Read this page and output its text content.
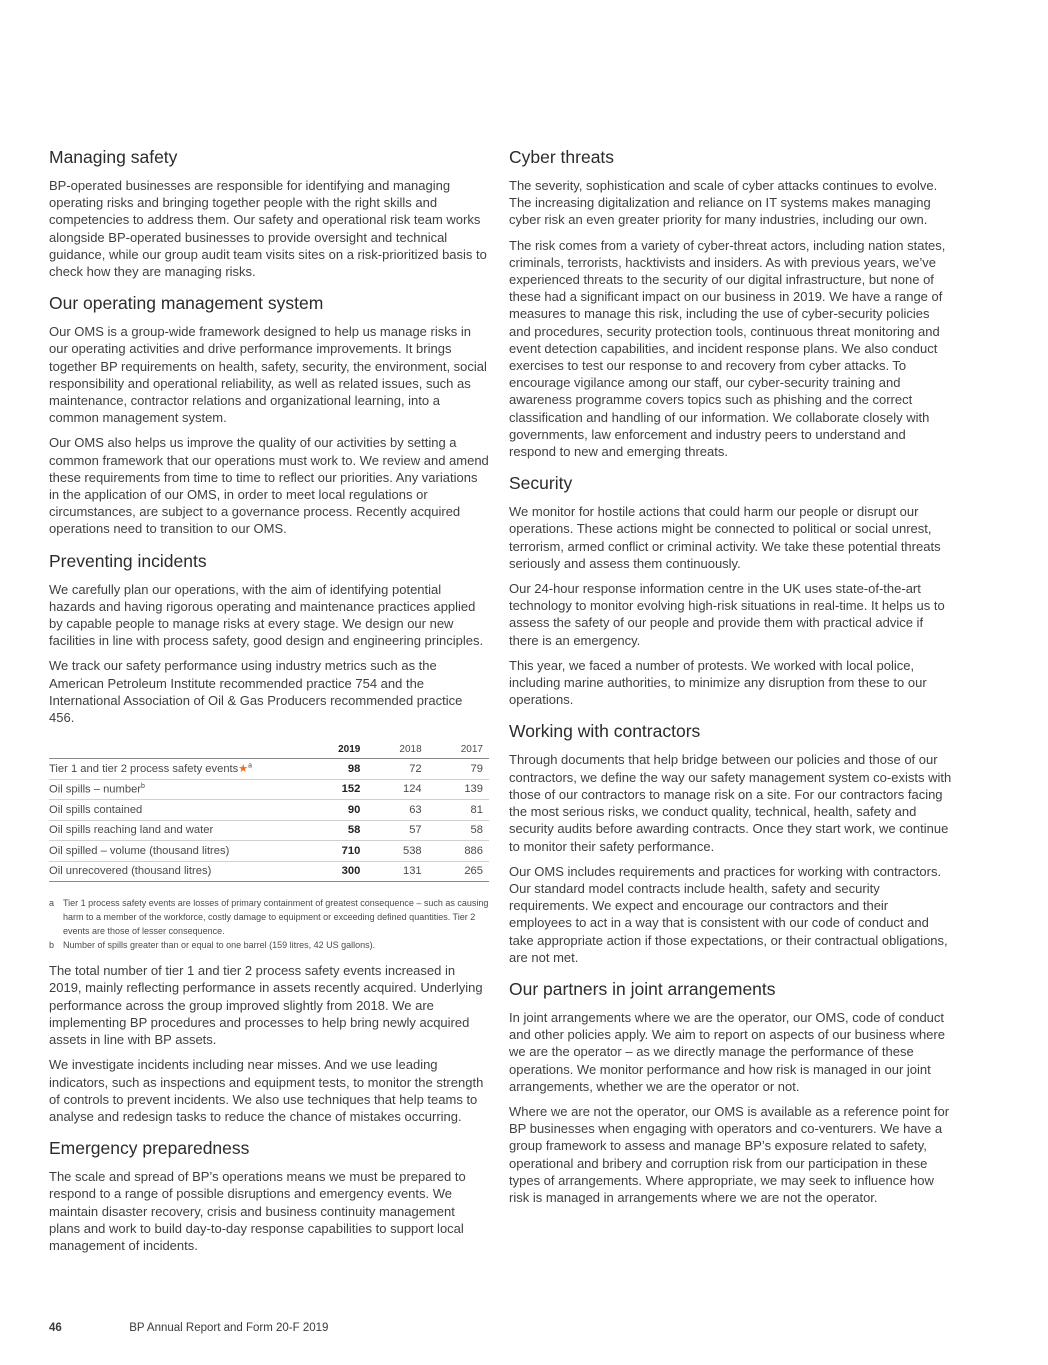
Managing safety

BP-operated businesses are responsible for identifying and managing operating risks and bringing together people with the right skills and competencies to address them. Our safety and operational risk team works alongside BP-operated businesses to provide oversight and technical guidance, while our group audit team visits sites on a risk-prioritized basis to check how they are managing risks.

Our operating management system

Our OMS is a group-wide framework designed to help us manage risks in our operating activities and drive performance improvements. It brings together BP requirements on health, safety, security, the environment, social responsibility and operational reliability, as well as related issues, such as maintenance, contractor relations and organizational learning, into a common management system.

Our OMS also helps us improve the quality of our activities by setting a common framework that our operations must work to. We review and amend these requirements from time to time to reflect our priorities. Any variations in the application of our OMS, in order to meet local regulations or circumstances, are subject to a governance process. Recently acquired operations need to transition to our OMS.

Preventing incidents

We carefully plan our operations, with the aim of identifying potential hazards and having rigorous operating and maintenance practices applied by capable people to manage risks at every stage. We design our new facilities in line with process safety, good design and engineering principles.

We track our safety performance using industry metrics such as the American Petroleum Institute recommended practice 754 and the International Association of Oil & Gas Producers recommended practice 456.

	2019	2018	2017
Tier 1 and tier 2 process safety events★$^a$	98	72	79
Oil spills – number$^b$	152	124	139
Oil spills contained	90	63	81
Oil spills reaching land and water	58	57	58
Oil spilled – volume (thousand litres)	710	538	886
Oil unrecovered (thousand litres)	300	131	265
a Tier 1 process safety events are losses of primary containment of greatest consequence – such as causing harm to a member of the workforce, costly damage to equipment or exceeding defined quantities. Tier 2 events are those of lesser consequence.
b Number of spills greater than or equal to one barrel (159 litres, 42 US gallons).

The total number of tier 1 and tier 2 process safety events increased in 2019, mainly reflecting performance in assets recently acquired. Underlying performance across the group improved slightly from 2018. We are implementing BP procedures and processes to help bring newly acquired assets in line with BP assets.

We investigate incidents including near misses. And we use leading indicators, such as inspections and equipment tests, to monitor the strength of controls to prevent incidents. We also use techniques that help teams to analyse and redesign tasks to reduce the chance of mistakes occurring.

Emergency preparedness

The scale and spread of BP’s operations means we must be prepared to respond to a range of possible disruptions and emergency events. We maintain disaster recovery, crisis and business continuity management plans and work to build day-to-day response capabilities to support local management of incidents.

Cyber threats

The severity, sophistication and scale of cyber attacks continues to evolve. The increasing digitalization and reliance on IT systems makes managing cyber risk an even greater priority for many industries, including our own.

The risk comes from a variety of cyber-threat actors, including nation states, criminals, terrorists, hacktivists and insiders. As with previous years, we’ve experienced threats to the security of our digital infrastructure, but none of these had a significant impact on our business in 2019. We have a range of measures to manage this risk, including the use of cyber-security policies and procedures, security protection tools, continuous threat monitoring and event detection capabilities, and incident response plans. We also conduct exercises to test our response to and recovery from cyber attacks. To encourage vigilance among our staff, our cyber-security training and awareness programme covers topics such as phishing and the correct classification and handling of our information. We collaborate closely with governments, law enforcement and industry peers to understand and respond to new and emerging threats.

Security

We monitor for hostile actions that could harm our people or disrupt our operations. These actions might be connected to political or social unrest, terrorism, armed conflict or criminal activity. We take these potential threats seriously and assess them continuously.

Our 24-hour response information centre in the UK uses state-of-the-art technology to monitor evolving high-risk situations in real-time. It helps us to assess the safety of our people and provide them with practical advice if there is an emergency.

This year, we faced a number of protests. We worked with local police, including marine authorities, to minimize any disruption from these to our operations.

Working with contractors

Through documents that help bridge between our policies and those of our contractors, we define the way our safety management system co-exists with those of our contractors to manage risk on a site. For our contractors facing the most serious risks, we conduct quality, technical, health, safety and security audits before awarding contracts. Once they start work, we continue to monitor their safety performance.

Our OMS includes requirements and practices for working with contractors. Our standard model contracts include health, safety and security requirements. We expect and encourage our contractors and their employees to act in a way that is consistent with our code of conduct and take appropriate action if those expectations, or their contractual obligations, are not met.

Our partners in joint arrangements

In joint arrangements where we are the operator, our OMS, code of conduct and other policies apply. We aim to report on aspects of our business where we are the operator – as we directly manage the performance of these operations. We monitor performance and how risk is managed in our joint arrangements, whether we are the operator or not.

Where we are not the operator, our OMS is available as a reference point for BP businesses when engaging with operators and co-venturers. We have a group framework to assess and manage BP’s exposure related to safety, operational and bribery and corruption risk from our participation in these types of arrangements. Where appropriate, we may seek to influence how risk is managed in arrangements where we are not the operator.

46	BP Annual Report and Form 20-F 2019
